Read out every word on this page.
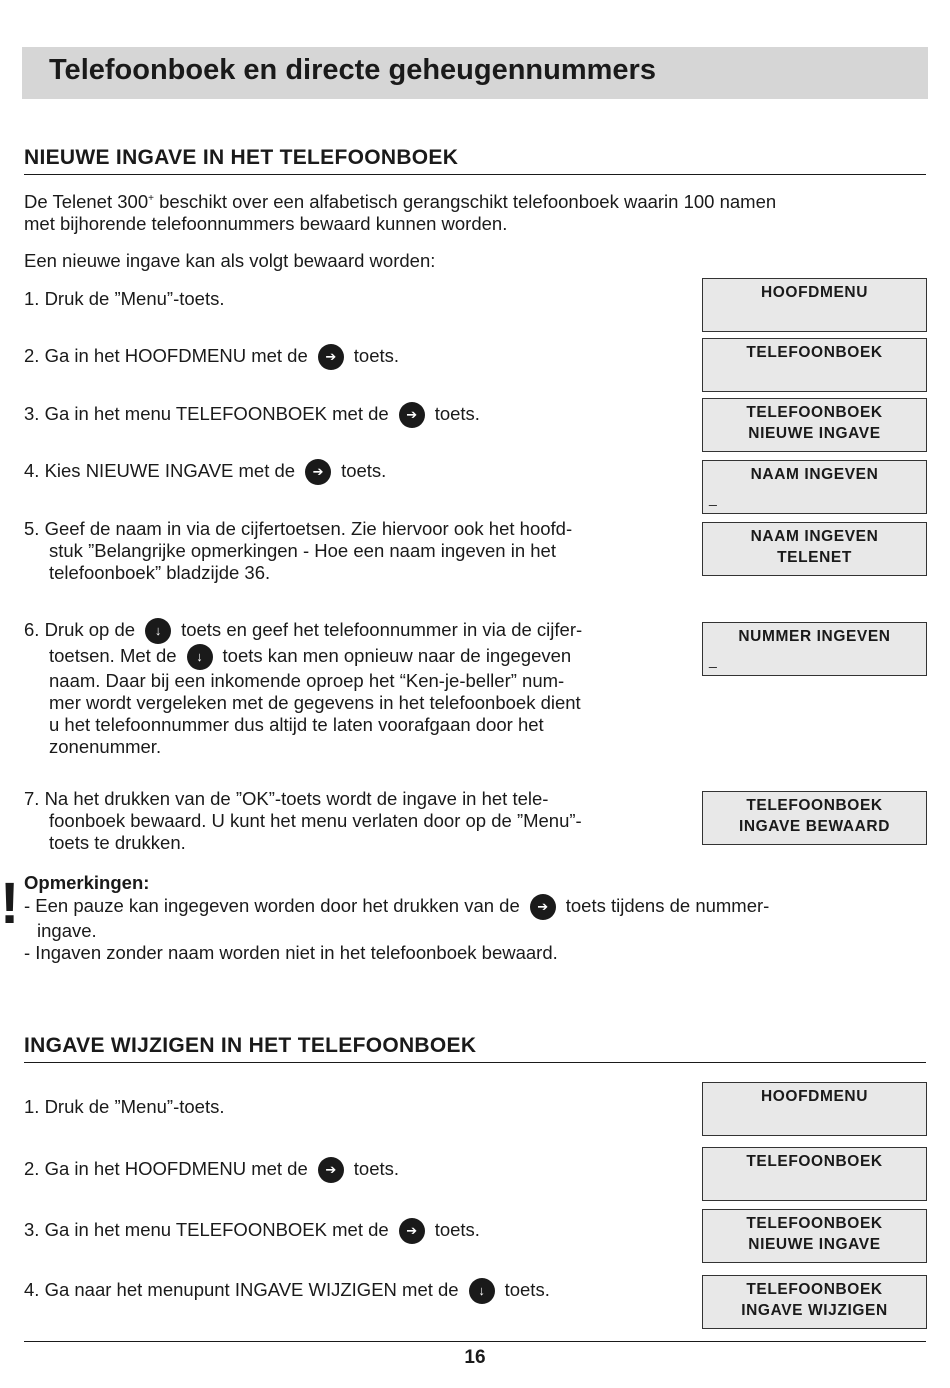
Telefoonboek en directe geheugennummers
NIEUWE INGAVE IN HET TELEFOONBOEK
De Telenet 300+ beschikt over een alfabetisch gerangschikt telefoonboek waarin 100 namen
met bijhorende telefoonnummers bewaard kunnen worden.
Een nieuwe ingave kan als volgt bewaard worden:
1. Druk de ”Menu”-toets.
2. Ga in het HOOFDMENU met de ➔ toets.
3. Ga in het menu TELEFOONBOEK met de ➔ toets.
4. Kies NIEUWE INGAVE met de ➔ toets.
5. Geef de naam in via de cijfertoetsen. Zie hiervoor ook het hoofd-
stuk ”Belangrijke opmerkingen - Hoe een naam ingeven in het
telefoonboek” bladzijde 36.
6. Druk op de ↓ toets en geef het telefoonnummer in via de cijfer-
toetsen. Met de ↓ toets kan men opnieuw naar de ingegeven
naam. Daar bij een inkomende oproep het “Ken-je-beller” num-
mer wordt vergeleken met de gegevens in het telefoonboek dient
u het telefoonnummer dus altijd te laten voorafgaan door het
zonenummer.
7. Na het drukken van de ”OK”-toets wordt de ingave in het tele-
foonboek bewaard. U kunt het menu verlaten door op de ”Menu”-
toets te drukken.
HOOFDMENU
TELEFOONBOEK
TELEFOONBOEK
NIEUWE INGAVE
NAAM INGEVEN
_
NAAM INGEVEN
TELENET
NUMMER INGEVEN
_
TELEFOONBOEK
INGAVE BEWAARD
! Opmerkingen:
- Een pauze kan ingegeven worden door het drukken van de ➔ toets tijdens de nummer-
ingave.
- Ingaven zonder naam worden niet in het telefoonboek bewaard.
INGAVE WIJZIGEN IN HET TELEFOONBOEK
1. Druk de ”Menu”-toets.
2. Ga in het HOOFDMENU met de ➔ toets.
3. Ga in het menu TELEFOONBOEK met de ➔ toets.
4. Ga naar het menupunt INGAVE WIJZIGEN met de ↓ toets.
HOOFDMENU
TELEFOONBOEK
TELEFOONBOEK
NIEUWE INGAVE
TELEFOONBOEK
INGAVE WIJZIGEN
16
